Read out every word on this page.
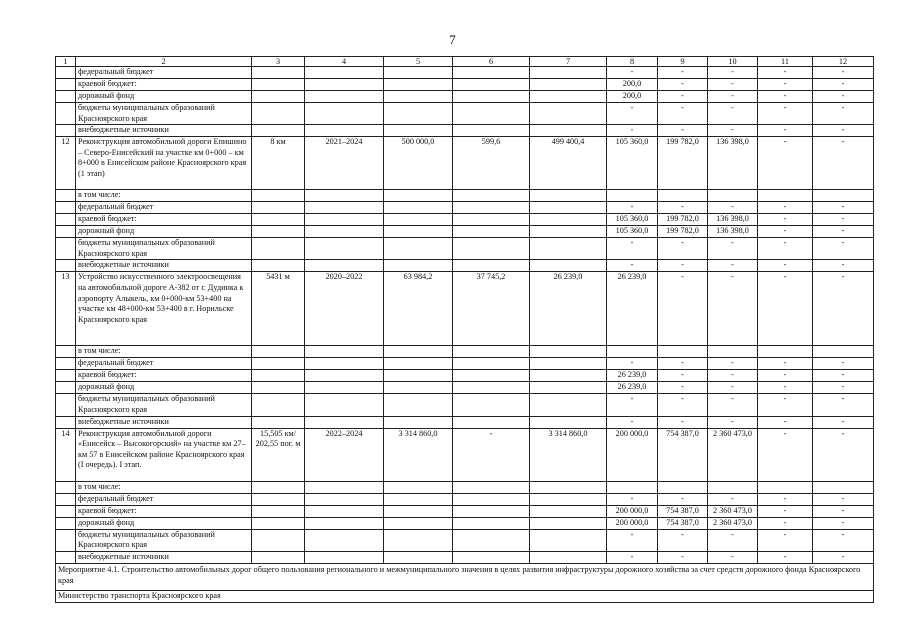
7
1	2	3	4	5	6	7	8	9	10	11	12
	федеральный бюджет						-	-	-	-	-
	краевой бюджет:						200,0	-	-	-	-
	дорожный фонд						200,0	-	-	-	-
	бюджеты муниципальных образований Красноярского края						-	-	-	-	-
	внебюджетные источники						-	-	-	-	-
12	Реконструкция автомобильной дороги Епишино – Северо-Енисейский на участке км 0+000 – км 8+000 в Енисейском районе Красноярского края (1 этап)	8 км	2021–2024	500 000,0	599,6	499 400,4	105 360,0	199 782,0	136 398,0	-	-
	в том числе:										
	федеральный бюджет						-	-	-	-	-
	краевой бюджет:						105 360,0	199 782,0	136 398,0	-	-
	дорожный фонд						105 360,0	199 782,0	136 398,0	-	-
	бюджеты муниципальных образований Красноярского края						-	-	-	-	-
	внебюджетные источники						-	-	-	-	-
13	Устройство искусственного электроосвещения на автомобильной дороге А-382 от г. Дудинка к аэропорту Алыкель, км 0+000-км 53+400 на участке км 48+000-км 53+400 в г. Норильске Красноярского края	5431 м	2020–2022	63 984,2	37 745,2	26 239,0	26 239,0	-	-	-	-
	в том числе:										
	федеральный бюджет						-	-	-	-	-
	краевой бюджет:						26 239,0	-	-	-	-
	дорожный фонд						26 239,0	-	-	-	-
	бюджеты муниципальных образований Красноярского края						-	-	-	-	-
	внебюджетные источники						-	-	-	-	-
14	Реконструкция автомобильной дороги «Енисейск – Высокогорский» на участке км 27– км 57 в Енисейском районе Красноярского края (I очередь). I этап.	15,505 км/ 202,55 пог. м	2022–2024	3 314 860,0	-	3 314 860,0	200 000,0	754 387,0	2 360 473,0	-	-
	в том числе:										
	федеральный бюджет						-	-	-	-	-
	краевой бюджет:						200 000,0	754 387,0	2 360 473,0	-	-
	дорожный фонд						200 000,0	754 387,0	2 360 473,0	-	-
	бюджеты муниципальных образований Красноярского края						-	-	-	-	-
	внебюджетные источники						-	-	-	-	-
Мероприятие 4.1. Строительство автомобильных дорог общего пользования регионального и межмуниципального значения в целях развития инфраструктуры дорожного хозяйства за счет средств дорожного фонда Красноярского края											
Министерство транспорта Красноярского края											
